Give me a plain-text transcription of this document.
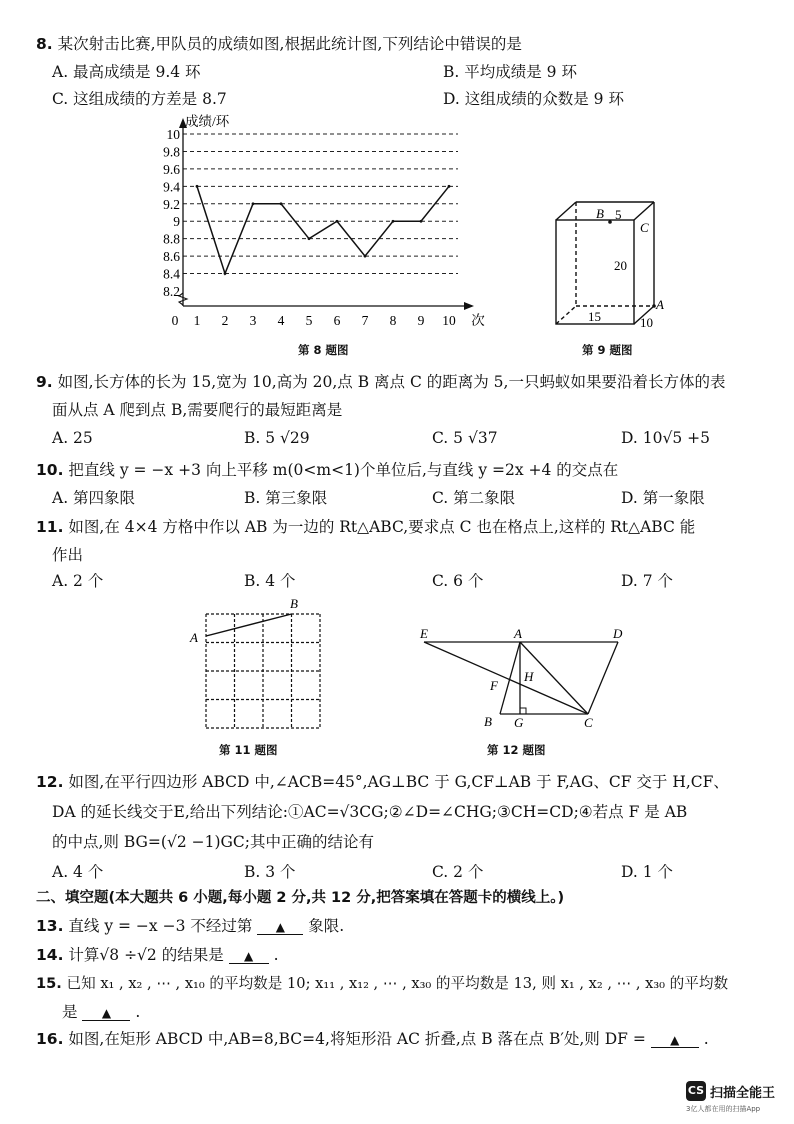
8. 某次射击比赛,甲队员的成绩如图,根据此统计图,下列结论中错误的是
A. 最高成绩是 9.4 环	B. 平均成绩是 9 环
C. 这组成绩的方差是 8.7	D. 这组成绩的众数是 9 环
8.2
8.4
8.6
8.8
9
9.2
9.4
9.6
9.8
10
成绩/环
0 1 2 3 4 5 6 7 8 9 10 次
第 8 题图
B 5
C
20
A
15	10
第 9 题图
9. 如图,长方体的长为 15,宽为 10,高为 20,点 B 离点 C 的距离为 5,一只蚂蚁如果要沿着长方体的表
面从点 A 爬到点 B,需要爬行的最短距离是
A. 25	B. 5 √29	C. 5 √37	D. 10√5 +5
10. 把直线 y = −x +3 向上平移 m(0<m<1)个单位后,与直线 y =2x +4 的交点在
A. 第四象限	B. 第三象限	C. 第二象限	D. 第一象限
11. 如图,在 4×4 方格中作以 AB 为一边的 Rt△ABC,要求点 C 也在格点上,这样的 Rt△ABC 能
作出
A. 2 个	B. 4 个	C. 6 个	D. 7 个
A
B
第 11 题图
E	A	D
F
H
B G	C
第 12 题图
12. 如图,在平行四边形 ABCD 中,∠ACB=45°,AG⊥BC 于 G,CF⊥AB 于 F,AG、CF 交于 H,CF、
DA 的延长线交于E,给出下列结论:①AC=√3CG;②∠D=∠CHG;③CH=CD;④若点 F 是 AB
的中点,则 BG=(√2 −1)GC;其中正确的结论有
A. 4 个	B. 3 个	C. 2 个	D. 1 个
二、填空题(本大题共 6 小题,每小题 2 分,共 12 分,把答案填在答题卡的横线上。)
13. 直线 y = −x −3 不经过第 ▲ 象限.
14. 计算√8 ÷√2 的结果是 ▲ .
15. 已知 x₁ , x₂ , ⋯ , x₁₀ 的平均数是 10; x₁₁ , x₁₂ , ⋯ , x₃₀ 的平均数是 13, 则 x₁ , x₂ , ⋯ , x₃₀ 的平均数
是 ▲ .
16. 如图,在矩形 ABCD 中,AB=8,BC=4,将矩形沿 AC 折叠,点 B 落在点 B′处,则 DF = ▲ .
CS 扫描全能王
3亿人都在用的扫描App
